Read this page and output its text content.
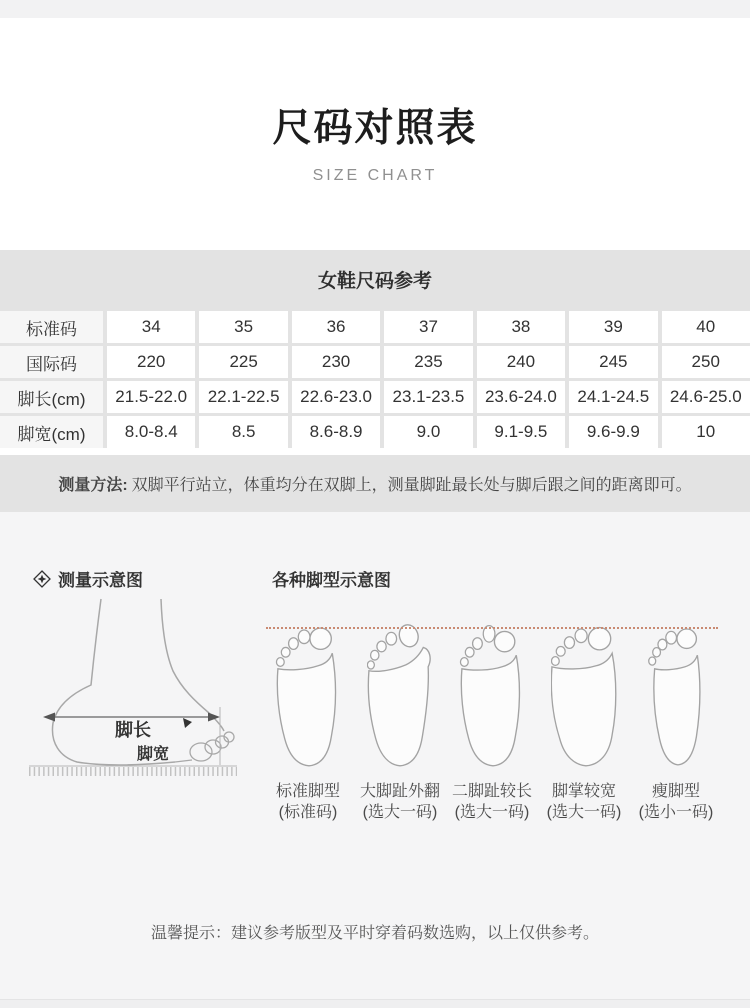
尺码对照表
SIZE CHART
女鞋尺码参考
标准码	34	35	36	37	38	39	40
国际码	220	225	230	235	240	245	250
脚长(cm)	21.5-22.0	22.1-22.5	22.6-23.0	23.1-23.5	23.6-24.0	24.1-24.5	24.6-25.0
脚宽(cm)	8.0-8.4	8.5	8.6-8.9	9.0	9.1-9.5	9.6-9.9	10
测量方法: 双脚平行站立，体重均分在双脚上，测量脚趾最长处与脚后跟之间的距离即可。
测量示意图	各种脚型示意图
脚长
脚宽
标准脚型
(标准码)
大脚趾外翻
(选大一码)
二脚趾较长
(选大一码)
脚掌较宽
(选大一码)
瘦脚型
(选小一码)
温馨提示：建议参考版型及平时穿着码数选购，以上仅供参考。
